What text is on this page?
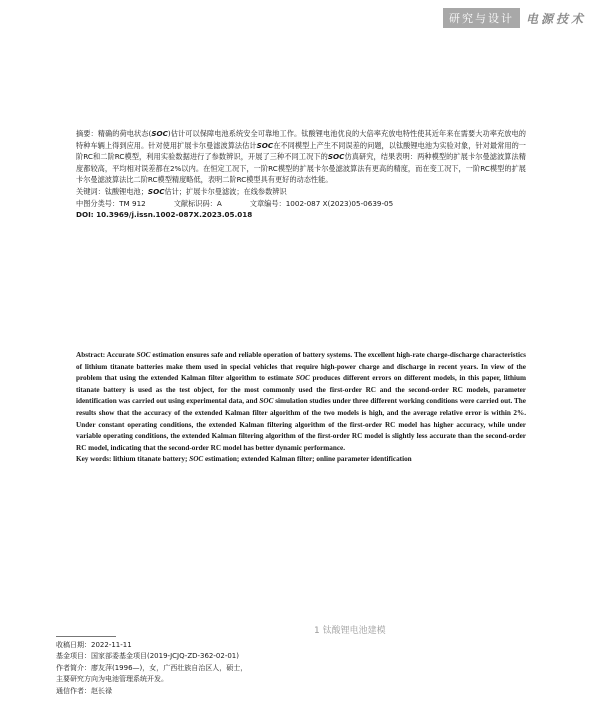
研究与设计	电源技术

摘要：精确的荷电状态(SOC)估计可以保障电池系统安全可靠地工作。钛酸锂电池优良的大倍率充放电特性使其近年来在需要大功率充放电的特种车辆上得到应用。针对使用扩展卡尔曼滤波算法估计SOC在不同模型上产生不同误差的问题，以钛酸锂电池为实验对象，针对最常用的一阶RC和二阶RC模型，利用实验数据进行了参数辨识，开展了三种不同工况下的SOC仿真研究，结果表明：两种模型的扩展卡尔曼滤波算法精度都较高，平均相对误差都在2%以内。在恒定工况下，一阶RC模型的扩展卡尔曼滤波算法有更高的精度，而在变工况下，一阶RC模型的扩展卡尔曼滤波算法比二阶RC模型精度略低，表明二阶RC模型具有更好的动态性能。

关键词：钛酸锂电池；SOC估计；扩展卡尔曼滤波；在线参数辨识

中图分类号：TM 912	文献标识码：A	文章编号：1002-087 X(2023)05-0639-05
DOI: 10.3969/j.issn.1002-087X.2023.05.018

Abstract: Accurate SOC estimation ensures safe and reliable operation of battery systems. The excellent high-rate charge-discharge characteristics of lithium titanate batteries make them used in special vehicles that require high-power charge and discharge in recent years. In view of the problem that using the extended Kalman filter algorithm to estimate SOC produces different errors on different models, in this paper, lithium titanate battery is used as the test object, for the most commonly used the first-order RC and the second-order RC models, parameter identification was carried out using experimental data, and SOC simulation studies under three different working conditions were carried out. The results show that the accuracy of the extended Kalman filter algorithm of the two models is high, and the average relative error is within 2%. Under constant operating conditions, the extended Kalman filtering algorithm of the first-order RC model has higher accuracy, while under variable operating conditions, the extended Kalman filtering algorithm of the first-order RC model is slightly less accurate than the second-order RC model, indicating that the second-order RC model has better dynamic performance.

Key words: lithium titanate battery; SOC estimation; extended Kalman filter; online parameter identification

1 钛酸锂电池建模
收稿日期：2022-11-11
基金项目：国家部委基金项目(2019-JCJQ-ZD-362-02-01)
作者简介：廖友萍(1996—)，女，广西壮族自治区人，硕士，
主要研究方向为电池管理系统开发。
通信作者：赵长禄
